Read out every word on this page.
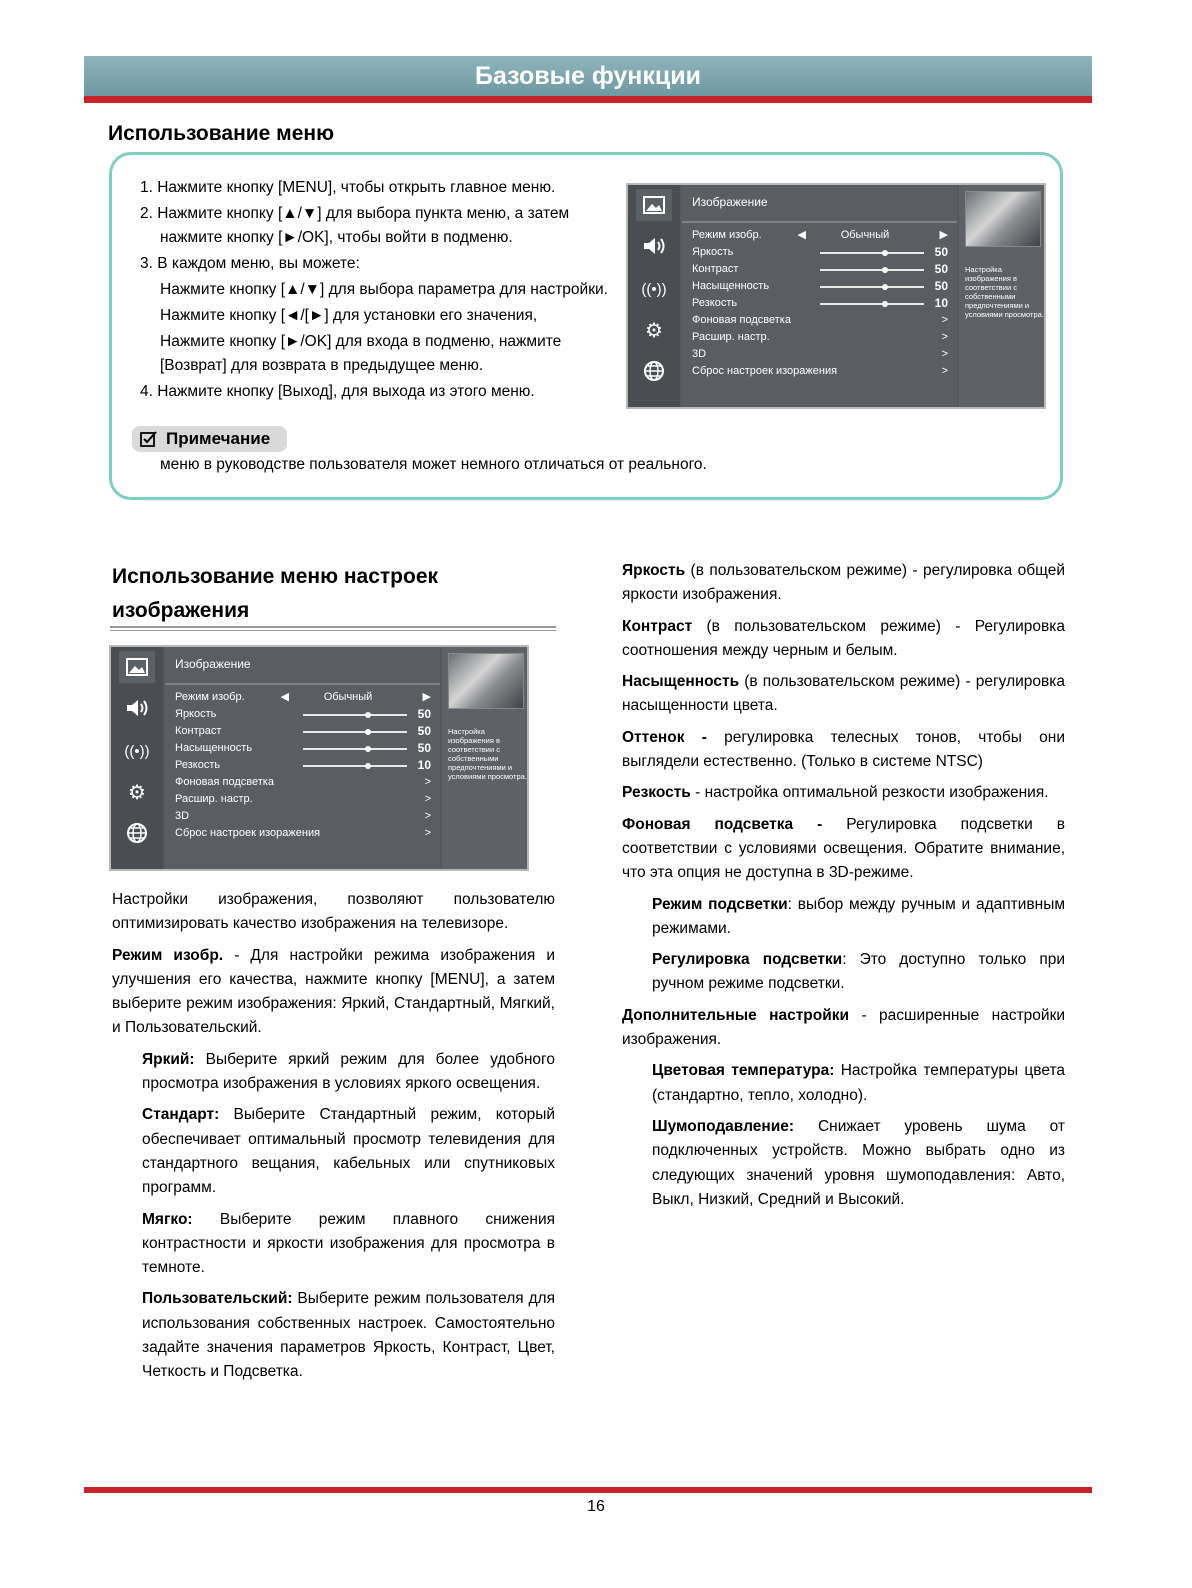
Базовые функции
Использование меню

1. Нажмите кнопку [MENU], чтобы открыть главное меню.

2. Нажмите кнопку [▲/▼] для выбора пункта меню, а затем

нажмите кнопку [►/OK], чтобы войти в подменю.

3. В каждом меню, вы можете:

Нажмите кнопку [▲/▼] для выбора параметра для настройки.

Нажмите кнопку [◄/[►] для установки его значения,

Нажмите кнопку [►/OK] для входа в подменю, нажмите [Возврат] для возврата в предыдущее меню.

4. Нажмите кнопку [Выход], для выхода из этого меню.

Примечание
меню в руководстве пользователя может немного отличаться от реального.
((•))
⚙
Изображение
Режим изобр.	◀	Обычный	▶
Яркость	50
Контраст	50
Насыщенность	50
Резкость	10
Фоновая подсветка	>
Расшир. настр.	>
3D	>
Сброс настроек изоражения	>
Настройка изображения в соответствии с собственными предпочтениями и условиями просмотра.
Использование меню настроек
изображения
((•))
⚙
Изображение
Режим изобр.	◀	Обычный	▶
Яркость	50
Контраст	50
Насыщенность	50
Резкость	10
Фоновая подсветка	>
Расшир. настр.	>
3D	>
Сброс настроек изоражения	>
Настройка изображения в соответствии с собственными предпочтениями и условиями просмотра.

Настройки изображения, позволяют пользователю оптимизировать качество изображения на телевизоре.

Режим изобр. - Для настройки режима изображения и улучшения его качества, нажмите кнопку [MENU], а затем выберите режим изображения: Яркий, Стандартный, Мягкий, и Пользовательский.

Яркий: Выберите яркий режим для более удобного просмотра изображения в условиях яркого освещения.

Стандарт: Выберите Стандартный режим, который обеспечивает оптимальный просмотр телевидения для стандартного вещания, кабельных или спутниковых программ.

Мягко: Выберите режим плавного снижения контрастности и яркости изображения для просмотра в темноте.

Пользовательский: Выберите режим пользователя для использования собственных настроек. Самостоятельно задайте значения параметров Яркость, Контраст, Цвет, Четкость и Подсветка.

Яркость (в пользовательском режиме) - регулировка общей яркости изображения.

Контраст (в пользовательском режиме) - Регулировка соотношения между черным и белым.

Насыщенность (в пользовательском режиме) - регулировка насыщенности цвета.

Оттенок - регулировка телесных тонов, чтобы они выглядели естественно. (Только в системе NTSC)

Резкость - настройка оптимальной резкости изображения.

Фоновая подсветка - Регулировка подсветки в соответствии с условиями освещения. Обратите внимание, что эта опция не доступна в 3D-режиме.

Режим подсветки: выбор между ручным и адаптивным режимами.

Регулировка подсветки: Это доступно только при ручном режиме подсветки.

Дополнительные настройки - расширенные настройки изображения.

Цветовая температура: Настройка температуры цвета (стандартно, тепло, холодно).

Шумоподавление: Снижает уровень шума от подключенных устройств. Можно выбрать одно из следующих значений уровня шумоподавления: Авто, Выкл, Низкий, Средний и Высокий.

16
